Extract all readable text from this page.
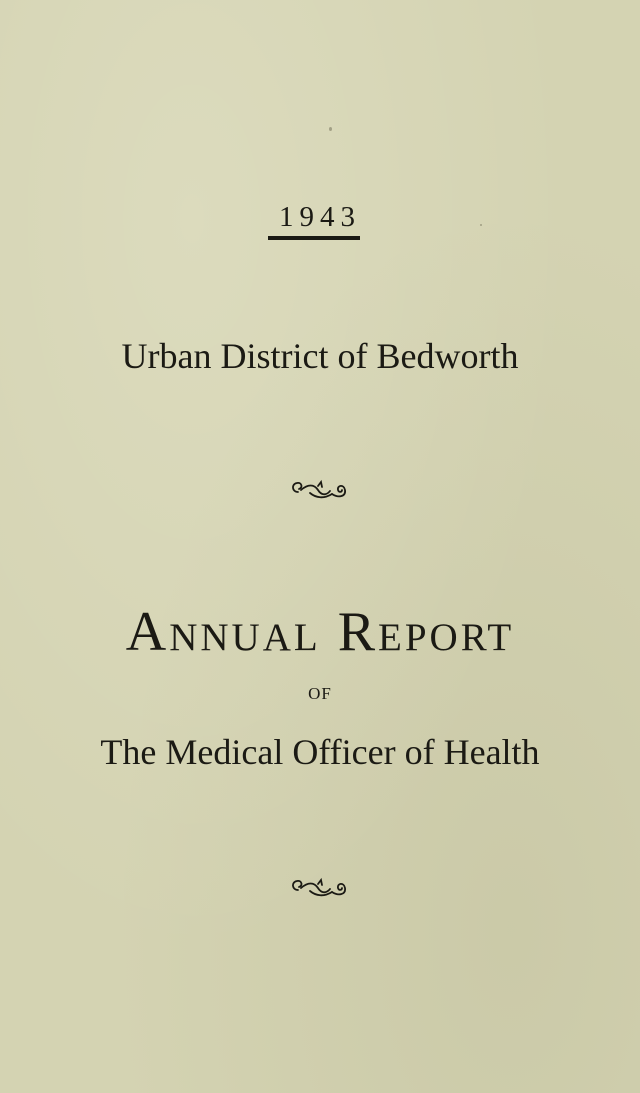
1943
Urban District of Bedworth
Annual Report
OF
The Medical Officer of Health
